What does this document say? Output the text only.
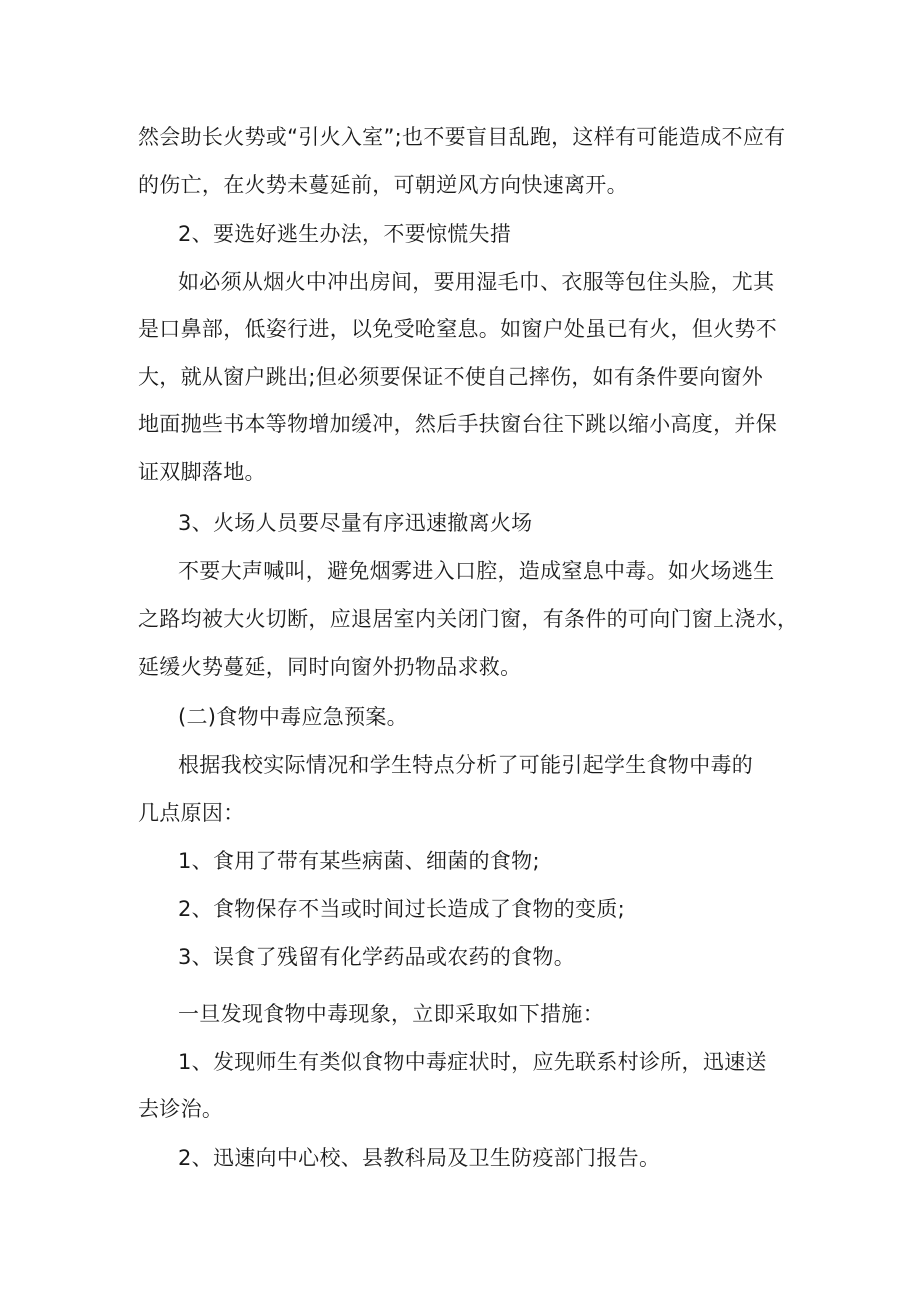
然会助长火势或“引火入室”;也不要盲目乱跑，这样有可能造成不应有
的伤亡，在火势未蔓延前，可朝逆风方向快速离开。
2、要选好逃生办法，不要惊慌失措
如必须从烟火中冲出房间，要用湿毛巾、衣服等包住头脸，尤其
是口鼻部，低姿行进，以免受呛窒息。如窗户处虽已有火，但火势不
大，就从窗户跳出;但必须要保证不使自己摔伤，如有条件要向窗外
地面抛些书本等物增加缓冲，然后手扶窗台往下跳以缩小高度，并保
证双脚落地。
3、火场人员要尽量有序迅速撤离火场
不要大声喊叫，避免烟雾进入口腔，造成窒息中毒。如火场逃生
之路均被大火切断，应退居室内关闭门窗，有条件的可向门窗上浇水，
延缓火势蔓延，同时向窗外扔物品求救。
(二)食物中毒应急预案。
根据我校实际情况和学生特点分析了可能引起学生食物中毒的
几点原因：
1、食用了带有某些病菌、细菌的食物;
2、食物保存不当或时间过长造成了食物的变质;
3、误食了残留有化学药品或农药的食物。
一旦发现食物中毒现象，立即采取如下措施：
1、发现师生有类似食物中毒症状时，应先联系村诊所，迅速送
去诊治。
2、迅速向中心校、县教科局及卫生防疫部门报告。
